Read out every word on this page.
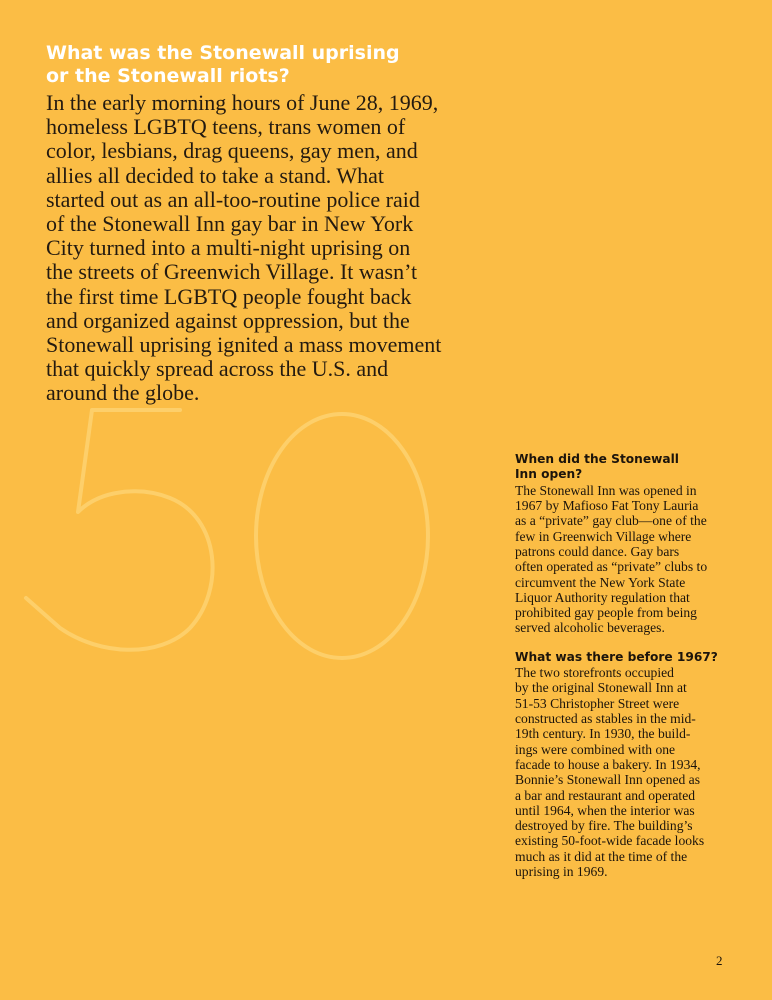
What was the Stonewall uprising
or the Stonewall riots?
In the early morning hours of June 28, 1969,
homeless LGBTQ teens, trans women of
color, lesbians, drag queens, gay men, and
allies all decided to take a stand. What
started out as an all-too-routine police raid
of the Stonewall Inn gay bar in New York
City turned into a multi-night uprising on
the streets of Greenwich Village. It wasn’t
the first time LGBTQ people fought back
and organized against oppression, but the
Stonewall uprising ignited a mass movement
that quickly spread across the U.S. and
around the globe.
When did the Stonewall
Inn open?
The Stonewall Inn was opened in
1967 by Mafioso Fat Tony Lauria
as a “private” gay club—one of the
few in Greenwich Village where
patrons could dance. Gay bars
often operated as “private” clubs to
circumvent the New York State
Liquor Authority regulation that
prohibited gay people from being
served alcoholic beverages.
What was there before 1967?
The two storefronts occupied
by the original Stonewall Inn at
51-53 Christopher Street were
constructed as stables in the mid-
19th century. In 1930, the build-
ings were combined with one
facade to house a bakery. In 1934,
Bonnie’s Stonewall Inn opened as
a bar and restaurant and operated
until 1964, when the interior was
destroyed by fire. The building’s
existing 50-foot-wide facade looks
much as it did at the time of the
uprising in 1969.
2
